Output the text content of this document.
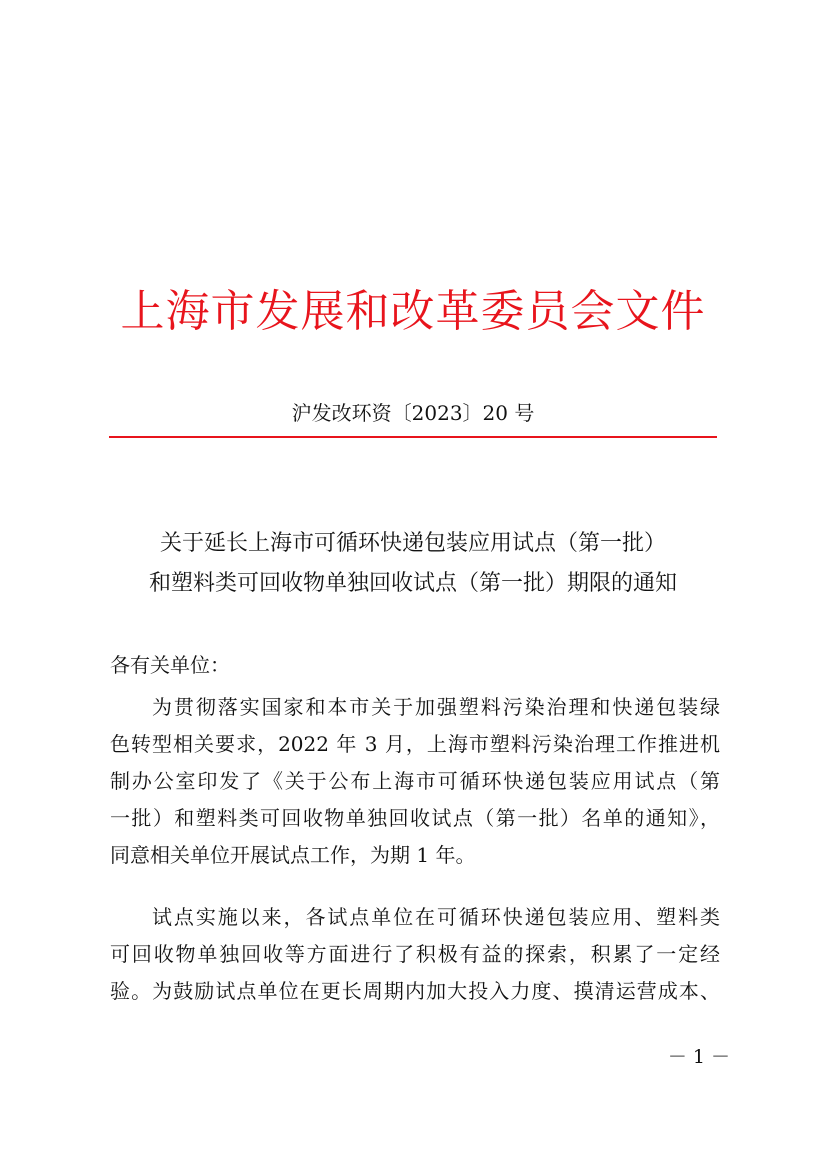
上海市发展和改革委员会文件
沪发改环资〔2023〕20 号
关于延长上海市可循环快递包装应用试点（第一批）
和塑料类可回收物单独回收试点（第一批）期限的通知
各有关单位：
为贯彻落实国家和本市关于加强塑料污染治理和快递包装绿
色转型相关要求，2022 年 3 月，上海市塑料污染治理工作推进机
制办公室印发了《关于公布上海市可循环快递包装应用试点（第
一批）和塑料类可回收物单独回收试点（第一批）名单的通知》，
同意相关单位开展试点工作，为期 1 年。
试点实施以来，各试点单位在可循环快递包装应用、塑料类
可回收物单独回收等方面进行了积极有益的探索，积累了一定经
验。为鼓励试点单位在更长周期内加大投入力度、摸清运营成本、
－ 1 －
